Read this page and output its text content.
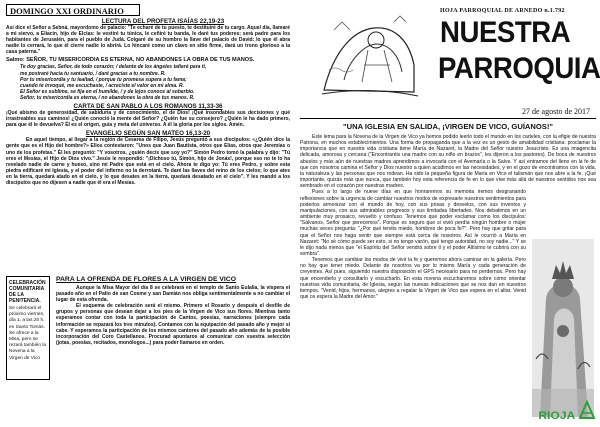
DOMINGO XXI ORDINARIO

LECTURA DEL PROFETA ISAÍAS 22,19-23

Así dice el Señor a Sebná, mayordomo de palacio: "Te echaré de tu puesto, te destituiré de tu cargo. Aquel día, llamaré a mi siervo, a Eliacín, hijo de Elcías: le vestiré tu túnica, le ceñiré tu banda, le daré tus poderes; será padre para los habitantes de Jerusalén, para el pueblo de Judá. Colgaré de su hombro la llave del palacio de David: lo que él abra nadie lo cerrará, lo que él cierre nadie lo abrirá. Lo hincaré como un clavo en sitio firme, dará un trono glorioso a la casa paterna."

Salmo: SEÑOR, TU MISERICORDIA ES ETERNA, NO ABANDONES LA OBRA DE TUS MANOS.

Te doy gracias, Señor, de todo corazón; / delante de los ángeles tañeré para ti,

me postraré hacia tu santuario, / daré gracias a tu nombre. R.

Por tu misericordia y tu lealtad, / porque tu promesa supera a tu fama;

cuando te invoqué, me escuchaste, / acreciste el valor en mi alma. R.

El Señor es sublime, se fija en el humilde, / y de lejos conoce al soberbio.

Señor, tu misericordia es eterna, / no abandones la obra de tus manos. R.

CARTA DE SAN PABLO A LOS ROMANOS 11,33-36

¡Qué abismo de generosidad, de sabiduría y de conocimiento, el de Dios! ¡Qué insondables sus decisiones y qué irrastreables sus caminos! ¿Quién conoció la mente del Señor? ¿Quién fue su consejero? ¿Quién le ha dado primero, para que él le devuelva? Él es el origen, guía y meta del universo. A él la gloria por los siglos. Amén.

EVANGELIO SEGÚN SAN MATEO 16,13-20

En aquel tiempo, al llegar a la región de Cesarea de Filipo, Jesús preguntó a sus discípulos: «¿Quién dice la gente que es el Hijo del hombre?» Ellos contestaron: "Unos que Juan Bautista, otros que Elías, otros que Jeremías o uno de los profetas." Él les preguntó: "Y vosotros, ¿quién decís que soy yo?" Simón Pedro tomó la palabra y dijo: "Tú eres el Mesías, el Hijo de Dios vivo." Jesús le respondió: "¡Dichoso tú, Simón, hijo de Jonás!, porque eso no te lo ha revelado nadie de carne y hueso, sino mi Padre que está en el cielo. Ahora te digo yo: Tú eres Pedro, y sobre esta piedra edificaré mi Iglesia, y el poder del infierno no la derrotará. Te daré las llaves del reino de los cielos; lo que ates en la tierra, quedará atado en el cielo, y lo que desates en la tierra, quedará desatado en el cielo". Y les mandó a los discípulos que no dijesen a nadie que él era el Mesías.

CELEBRACIÓN COMUNITARIA DE LA PENITENCIA.

Se celebrará el próximo viernes, día 1, a las 20 h. en Santo Tomás. Se ofrece a la Misa, pero se rezará también la Novena a la Virgen de Vico

PARA LA OFRENDA DE FLORES A LA VIRGEN DE VICO

Aunque la Misa Mayor del día 8 se celebrará en el templo de Santo Eulalia, la víspera el pasado año en el Patio de san Cosme y san Damián nos obliga sentimentalmente a no cambiar el lugar de esta ofrenda.

El esquema de celebración será el mismo. Primero el Rosario y después el desfile de grupos y personas que desean dejar a los pies de la Virgen de Vico sus flores. Mientras tanto esperamos contar con toda la participación de Cantos, poesías, narraciones (siempre cada información se reparará los tres minutos). Contamos con la equipación del pasado año y mejor si cabe. Y esperamos la participación de los mismos cantores del pasado año además de la posible incorporación del Coro Castellanos. Procurad apuntaros al comunicar con vuestra selección (jotas, poesías, recitados, monólogos...) para poder llamaros en orden.

HOJA PARROQUIAL DE ARNEDO n.1.792
NUESTRA
PARROQUIA
27 de agosto de 2017
"UNA IGLESIA EN SALIDA, ¡VIRGEN DE VICO, GUÍANOS!"

Este lema para la Novena de la Virgen de Vico ya hemos podido leerlo todo el mundo en los carteles, con la efigie de nuestra Patrona, en muchos establecimientos. Una forma de propaganda que a la vez es un gesto de amabilidad cristiana: proclamar la importancia que en nuestra vida cristiana tiene María de Nazaret, la Madre del Señor nuestro Jesucristo. Es una imagencita delicada, amorosa y cercana ("Encontraréis una madre con su niño en brazos", les dijeron a los pastores). De boca de nuestros abuelos y más aún de nuestras madres aprendimos a invocarla con el Avemaría o la Salve. Y así entramos del lleno en la fe de que con nosotros camina el Señor y Dios nuestro a quien acudimos en las necesidades, y en el gozo de encontramos con la vida, la naturaleza y las personas que nos rodean. Ha sido la pequeña figura de María en Vico el talismán que nos abre a la fe. ¡Qué importante, quizás más que nunca, que también hoy esta referencia de fe en lo que vive más allá de nuestros sentidos nos sea sembrado en el corazón por nuestras madres.

Pues a lo largo de nueve días en que honraremos su memoria iremos desgranando reflexiones sobre la urgencia de cambiar nuestros modos de expresarle nuestros sentimientos para poderlos armonizar con el mundo de hoy, con sus prisas y desvelos, con sus inventos y manipulaciones, con sus admirables progresos y sus limitadas libertades. Nos debatimos en un ambiente muy prosaico, revuelto y confuso. Tenemos que poder exclamar como los discípulos: "Sálvanos, Señor que perecemos". Porque es seguro que si vivió perdía ningún hombre o mujer muchas veces pregunta: "¿Por qué tenéis miedo, hombres de poca fe?". Pero hay que gritar para que el Señor nos haga sentir que siempre está cerca de nosotros. Así le ocurrió a María en Nazaret: "No sé cómo puede ser esto, si no tengo varón, qué tengo autoridad, no soy nadie..." Y se le dijo nada menos que "el Espíritu del Señor vendrá sobre ti y el poder Altísimo te cubrirá con su sombra".

Tenemos que cambiar los modos de vivir la fe y queremos ahora caminar en la galería. Pero no hay que tener miedo. Delante de nosotros va por lo mismo María y cada generación de creyentes. Así pues, siguiendo nuestra disposición el GPS necesario para no perdernos. Pero hay que encenderlo y consultarlo y escucharlo. En esta novena escucharemos sobre cómo orientar nuestras vida comunitaria, de Iglesia, según las nuevas indicaciones que se nos dan en nuestros tiempos. "Venid, hijos, hermanos, alegres a regalar la Virgen de Vico que espera en el altar. Venid que os espera la Madre del Amor."

RIOJA
